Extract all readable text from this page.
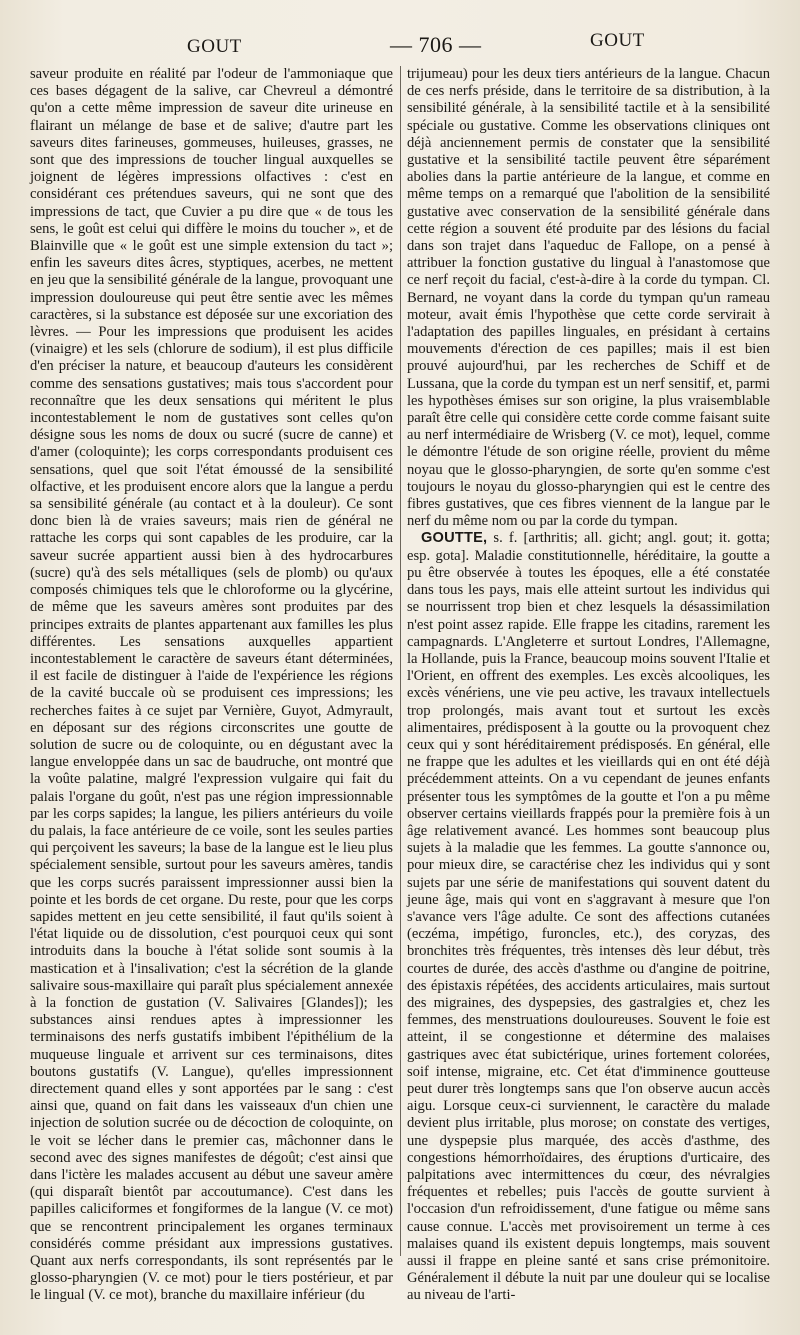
GOUT	— 706 —	GOUT

saveur produite en réalité par l'odeur de l'ammoniaque que ces bases dégagent de la salive, car Chevreul a démontré qu'on a cette même impression de saveur dite urineuse en flairant un mélange de base et de salive; d'autre part les saveurs dites farineuses, gommeuses, huileuses, grasses, ne sont que des impressions de toucher lingual auxquelles se joignent de légères impressions olfactives : c'est en considérant ces prétendues saveurs, qui ne sont que des impressions de tact, que Cuvier a pu dire que « de tous les sens, le goût est celui qui diffère le moins du toucher », et de Blainville que « le goût est une simple extension du tact »; enfin les saveurs dites âcres, styptiques, acerbes, ne mettent en jeu que la sensibilité générale de la langue, provoquant une impression douloureuse qui peut être sentie avec les mêmes caractères, si la substance est déposée sur une excoriation des lèvres. — Pour les impressions que produisent les acides (vinaigre) et les sels (chlorure de sodium), il est plus difficile d'en préciser la nature, et beaucoup d'auteurs les considèrent comme des sensations gustatives; mais tous s'accordent pour reconnaître que les deux sensations qui méritent le plus incontestablement le nom de gustatives sont celles qu'on désigne sous les noms de doux ou sucré (sucre de canne) et d'amer (coloquinte); les corps correspondants produisent ces sensations, quel que soit l'état émoussé de la sensibilité olfactive, et les produisent encore alors que la langue a perdu sa sensibilité générale (au contact et à la douleur). Ce sont donc bien là de vraies saveurs; mais rien de général ne rattache les corps qui sont capables de les produire, car la saveur sucrée appartient aussi bien à des hydrocarbures (sucre) qu'à des sels métalliques (sels de plomb) ou qu'aux composés chimiques tels que le chloroforme ou la glycérine, de même que les saveurs amères sont produites par des principes extraits de plantes appartenant aux familles les plus différentes. Les sensations auxquelles appartient incontestablement le caractère de saveurs étant déterminées, il est facile de distinguer à l'aide de l'expérience les régions de la cavité buccale où se produisent ces impressions; les recherches faites à ce sujet par Vernière, Guyot, Admyrault, en déposant sur des régions circonscrites une goutte de solution de sucre ou de coloquinte, ou en dégustant avec la langue enveloppée dans un sac de baudruche, ont montré que la voûte palatine, malgré l'expression vulgaire qui fait du palais l'organe du goût, n'est pas une région impressionnable par les corps sapides; la langue, les piliers antérieurs du voile du palais, la face antérieure de ce voile, sont les seules parties qui perçoivent les saveurs; la base de la langue est le lieu plus spécialement sensible, surtout pour les saveurs amères, tandis que les corps sucrés paraissent impressionner aussi bien la pointe et les bords de cet organe. Du reste, pour que les corps sapides mettent en jeu cette sensibilité, il faut qu'ils soient à l'état liquide ou de dissolution, c'est pourquoi ceux qui sont introduits dans la bouche à l'état solide sont soumis à la mastication et à l'insalivation; c'est la sécrétion de la glande salivaire sous-maxillaire qui paraît plus spécialement annexée à la fonction de gustation (V. Salivaires [Glandes]); les substances ainsi rendues aptes à impressionner les terminaisons des nerfs gustatifs imbibent l'épithélium de la muqueuse linguale et arrivent sur ces terminaisons, dites boutons gustatifs (V. Langue), qu'elles impressionnent directement quand elles y sont apportées par le sang : c'est ainsi que, quand on fait dans les vaisseaux d'un chien une injection de solution sucrée ou de décoction de coloquinte, on le voit se lécher dans le premier cas, mâchonner dans le second avec des signes manifestes de dégoût; c'est ainsi que dans l'ictère les malades accusent au début une saveur amère (qui disparaît bientôt par accoutumance). C'est dans les papilles caliciformes et fongiformes de la langue (V. ce mot) que se rencontrent principalement les organes terminaux considérés comme présidant aux impressions gustatives. Quant aux nerfs correspondants, ils sont représentés par le glosso-pharyngien (V. ce mot) pour le tiers postérieur, et par le lingual (V. ce mot), branche du maxillaire inférieur (du

trijumeau) pour les deux tiers antérieurs de la langue. Chacun de ces nerfs préside, dans le territoire de sa distribution, à la sensibilité générale, à la sensibilité tactile et à la sensibilité spéciale ou gustative. Comme les observations cliniques ont déjà anciennement permis de constater que la sensibilité gustative et la sensibilité tactile peuvent être séparément abolies dans la partie antérieure de la langue, et comme en même temps on a remarqué que l'abolition de la sensibilité gustative avec conservation de la sensibilité générale dans cette région a souvent été produite par des lésions du facial dans son trajet dans l'aqueduc de Fallope, on a pensé à attribuer la fonction gustative du lingual à l'anastomose que ce nerf reçoit du facial, c'est-à-dire à la corde du tympan. Cl. Bernard, ne voyant dans la corde du tympan qu'un rameau moteur, avait émis l'hypothèse que cette corde servirait à l'adaptation des papilles linguales, en présidant à certains mouvements d'érection de ces papilles; mais il est bien prouvé aujourd'hui, par les recherches de Schiff et de Lussana, que la corde du tympan est un nerf sensitif, et, parmi les hypothèses émises sur son origine, la plus vraisemblable paraît être celle qui considère cette corde comme faisant suite au nerf intermédiaire de Wrisberg (V. ce mot), lequel, comme le démontre l'étude de son origine réelle, provient du même noyau que le glosso-pharyngien, de sorte qu'en somme c'est toujours le noyau du glosso-pharyngien qui est le centre des fibres gustatives, que ces fibres viennent de la langue par le nerf du même nom ou par la corde du tympan.

GOUTTE, s. f. [arthritis; all. gicht; angl. gout; it. gotta; esp. gota]. Maladie constitutionnelle, héréditaire, la goutte a pu être observée à toutes les époques, elle a été constatée dans tous les pays, mais elle atteint surtout les individus qui se nourrissent trop bien et chez lesquels la désassimilation n'est point assez rapide. Elle frappe les citadins, rarement les campagnards. L'Angleterre et surtout Londres, l'Allemagne, la Hollande, puis la France, beaucoup moins souvent l'Italie et l'Orient, en offrent des exemples. Les excès alcooliques, les excès vénériens, une vie peu active, les travaux intellectuels trop prolongés, mais avant tout et surtout les excès alimentaires, prédisposent à la goutte ou la provoquent chez ceux qui y sont héréditairement prédisposés. En général, elle ne frappe que les adultes et les vieillards qui en ont été déjà précédemment atteints. On a vu cependant de jeunes enfants présenter tous les symptômes de la goutte et l'on a pu même observer certains vieillards frappés pour la première fois à un âge relativement avancé. Les hommes sont beaucoup plus sujets à la maladie que les femmes. La goutte s'annonce ou, pour mieux dire, se caractérise chez les individus qui y sont sujets par une série de manifestations qui souvent datent du jeune âge, mais qui vont en s'aggravant à mesure que l'on s'avance vers l'âge adulte. Ce sont des affections cutanées (eczéma, impétigo, furoncles, etc.), des coryzas, des bronchites très fréquentes, très intenses dès leur début, très courtes de durée, des accès d'asthme ou d'angine de poitrine, des épistaxis répétées, des accidents articulaires, mais surtout des migraines, des dyspepsies, des gastralgies et, chez les femmes, des menstruations douloureuses. Souvent le foie est atteint, il se congestionne et détermine des malaises gastriques avec état subictérique, urines fortement colorées, soif intense, migraine, etc. Cet état d'imminence goutteuse peut durer très longtemps sans que l'on observe aucun accès aigu. Lorsque ceux-ci surviennent, le caractère du malade devient plus irritable, plus morose; on constate des vertiges, une dyspepsie plus marquée, des accès d'asthme, des congestions hémorrhoïdaires, des éruptions d'urticaire, des palpitations avec intermittences du cœur, des névralgies fréquentes et rebelles; puis l'accès de goutte survient à l'occasion d'un refroidissement, d'une fatigue ou même sans cause connue. L'accès met provisoirement un terme à ces malaises quand ils existent depuis longtemps, mais souvent aussi il frappe en pleine santé et sans crise prémonitoire. Généralement il débute la nuit par une douleur qui se localise au niveau de l'arti-
